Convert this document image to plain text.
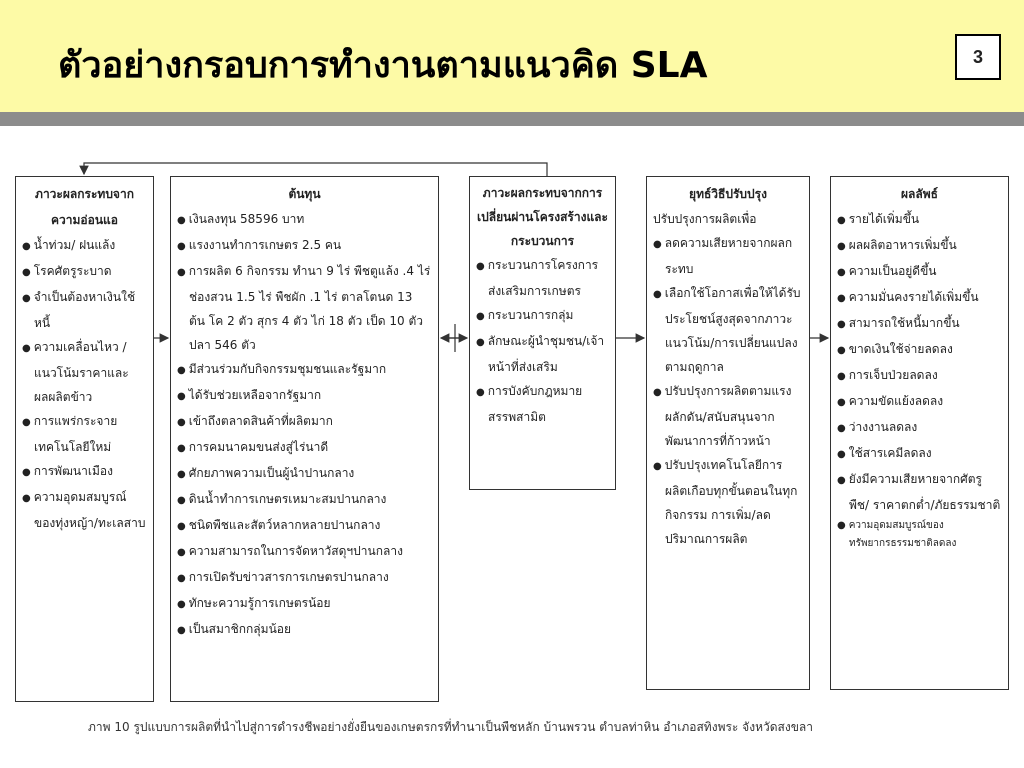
ตัวอย่างกรอบการทำงานตามแนวคิด SLA	3
ภาวะผลกระทบจากความอ่อนแอ
● น้ำท่วม/ ฝนแล้ง
● โรคศัตรูระบาด
● จำเป็นต้องหาเงินใช้หนี้
● ความเคลื่อนไหว /แนวโน้มราคาและผลผลิตข้าว
● การแพร่กระจายเทคโนโลยีใหม่
● การพัฒนาเมือง
● ความอุดมสมบูรณ์ของทุ่งหญ้า/ทะเลสาบ
ต้นทุน
● เงินลงทุน 58596 บาท
● แรงงานทำการเกษตร 2.5 คน
● การผลิต 6 กิจกรรม ทำนา 9 ไร่ พืชตูแล้ง .4 ไร่ ช่องสวน 1.5 ไร่ พืชผัก .1 ไร่ ตาลโตนด 13 ต้น โค 2 ตัว สุกร 4 ตัว ไก่ 18 ตัว เป็ด 10 ตัว ปลา 546 ตัว
● มีส่วนร่วมกับกิจกรรมชุมชนและรัฐมาก
● ได้รับช่วยเหลือจากรัฐมาก
● เข้าถึงตลาดสินค้าที่ผลิตมาก
● การคมนาคมขนส่งสู่ไร่นาดี
● ศักยภาพความเป็นผู้นำปานกลาง
● ดินน้ำทำการเกษตรเหมาะสมปานกลาง
● ชนิดพืชและสัตว์หลากหลายปานกลาง
● ความสามารถในการจัดหาวัสดุฯปานกลาง
● การเปิดรับข่าวสารการเกษตรปานกลาง
● ทักษะความรู้การเกษตรน้อย
● เป็นสมาชิกกลุ่มน้อย
ภาวะผลกระทบจากการเปลี่ยนผ่านโครงสร้างและกระบวนการ
● กระบวนการโครงการส่งเสริมการเกษตร
● กระบวนการกลุ่ม
● ลักษณะผู้นำชุมชน/เจ้าหน้าที่ส่งเสริม
● การบังคับกฎหมายสรรพสามิต
ยุทธ์วิธีปรับปรุง
ปรับปรุงการผลิตเพื่อ
● ลดความเสียหายจากผลกระทบ
● เลือกใช้โอกาสเพื่อให้ได้รับประโยชน์สูงสุดจากภาวะแนวโน้ม/การเปลี่ยนแปลงตามฤดูกาล
● ปรับปรุงการผลิตตามแรงผลักดัน/สนับสนุนจากพัฒนาการที่ก้าวหน้า
● ปรับปรุงเทคโนโลยีการผลิตเกือบทุกขั้นตอนในทุกกิจกรรม การเพิ่ม/ลดปริมาณการผลิต
ผลลัพธ์
● รายได้เพิ่มขึ้น
● ผลผลิตอาหารเพิ่มขึ้น
● ความเป็นอยู่ดีขึ้น
● ความมั่นคงรายได้เพิ่มขึ้น
● สามารถใช้หนี้มากขึ้น
● ขาดเงินใช้จ่ายลดลง
● การเจ็บป่วยลดลง
● ความขัดแย้งลดลง
● ว่างงานลดลง
● ใช้สารเคมีลดลง
● ยังมีความเสียหายจากศัตรูพืช/ ราคาตกต่ำ/ภัยธรรมชาติ
● ความอุดมสมบูรณ์ของทรัพยากรธรรมชาติลดลง
ภาพ 10 รูปแบบการผลิตที่นำไปสู่การดำรงชีพอย่างยั่งยืนของเกษตรกรที่ทำนาเป็นพืชหลัก บ้านพรวน ตำบลท่าหิน อำเภอสทิงพระ จังหวัดสงขลา
